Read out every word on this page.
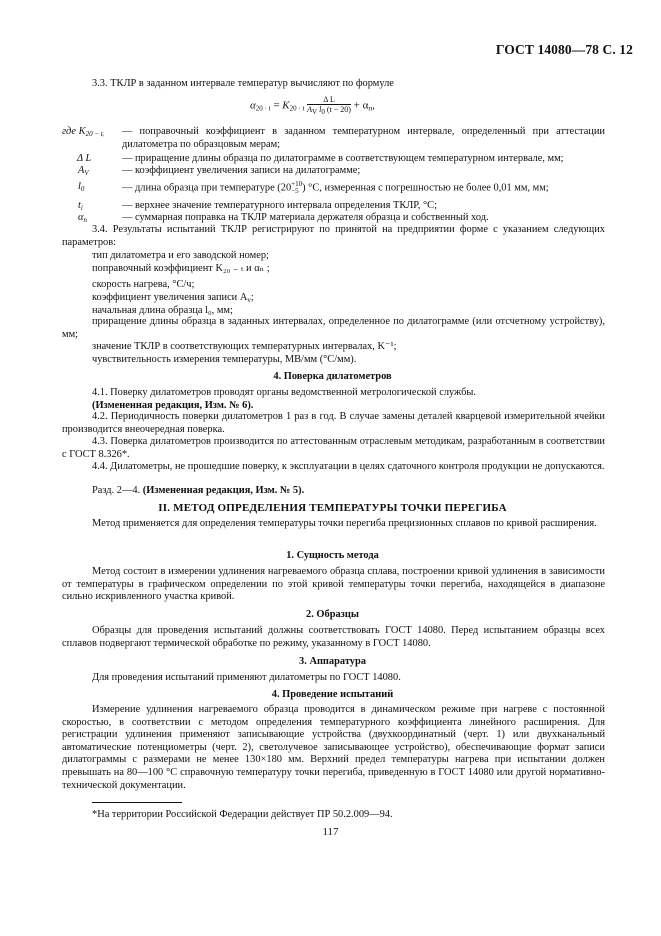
ГОСТ 14080—78 С. 12
3.3. ТКЛР в заданном интервале температур вычисляют по формуле
$\alpha_{20 \cdot t} = K_{20 \cdot t} \frac{\text{Δ L}}{\text{AV l0 (t − 20)}} + \alpha_п$,
где $K_{20 - tᵢ}$ — поправочный коэффициент в заданном температурном интервале, определенный при аттестации дилатометра по образцовым мерам;
Δ L	— приращение длины образца по дилатограмме в соответствующем температурном интервале, мм;
$A_V$	— коэффициент увеличения записи на дилатограмме;
$l_0$	— длина образца при температуре (20 +10
−5 ) °С, измеренная с погрешностью не более 0,01 мм, мм;
$t_i$	— верхнее значение температурного интервала определения ТКЛР, °С;
$\alpha_п$	— суммарная поправка на ТКЛР материала держателя образца и собственный ход.
3.4. Результаты испытаний ТКЛР регистрируют по принятой на предприятии форме с указанием следующих параметров:
тип дилатометра и его заводской номер;
поправочный коэффициент K₂₀ ₋ ₜ и αₙ ;
скорость нагрева, °С/ч;
коэффициент увеличения записи $A_v$;
начальная длина образца l₀, мм;
приращение длины образца в заданных интервалах, определенное по дилатограмме (или отсчетному устройству), мм;
значение ТКЛР в соответствующих температурных интервалах, K⁻¹;
чувствительность измерения температуры, МВ/мм (°С/мм).
4. Поверка дилатометров
4.1. Поверку дилатометров проводят органы ведомственной метрологической службы.
(Измененная редакция, Изм. № 6).
4.2. Периодичность поверки дилатометров 1 раз в год. В случае замены деталей кварцевой измерительной ячейки производится внеочередная поверка.
4.3. Поверка дилатометров производится по аттестованным отраслевым методикам, разработанным в соответствии с ГОСТ 8.326*.
4.4. Дилатометры, не прошедшие поверку, к эксплуатации в целях сдаточного контроля продукции не допускаются.
Разд. 2—4. (Измененная редакция, Изм. № 5).
II. МЕТОД ОПРЕДЕЛЕНИЯ ТЕМПЕРАТУРЫ ТОЧКИ ПЕРЕГИБА
Метод применяется для определения температуры точки перегиба прецизионных сплавов по кривой расширения.
1. Сущность метода
Метод состоит в измерении удлинения нагреваемого образца сплава, построении кривой удлинения в зависимости от температуры в графическом определении по этой кривой температуры точки перегиба, находящейся в диапазоне сильно искривленного участка кривой.
2. Образцы
Образцы для проведения испытаний должны соответствовать ГОСТ 14080. Перед испытанием образцы всех сплавов подвергают термической обработке по режиму, указанному в ГОСТ 14080.
3. Аппаратура
Для проведения испытаний применяют дилатометры по ГОСТ 14080.
4. Проведение испытаний
Измерение удлинения нагреваемого образца проводится в динамическом режиме при нагреве с постоянной скоростью, в соответствии с методом определения температурного коэффициента линейного расширения. Для регистрации удлинения применяют записывающие устройства (двухкоординатный (черт. 1) или двухканальный автоматические потенциометры (черт. 2), светолучевое записывающее устройство), обеспечивающие формат записи дилатограммы с размерами не менее 130×180 мм. Верхний предел температуры нагрева при испытании должен превышать на 80—100 °С справочную температуру точки перегиба, приведенную в ГОСТ 14080 или другой нормативно-технической документации.
*На территории Российской Федерации действует ПР 50.2.009—94.
117
